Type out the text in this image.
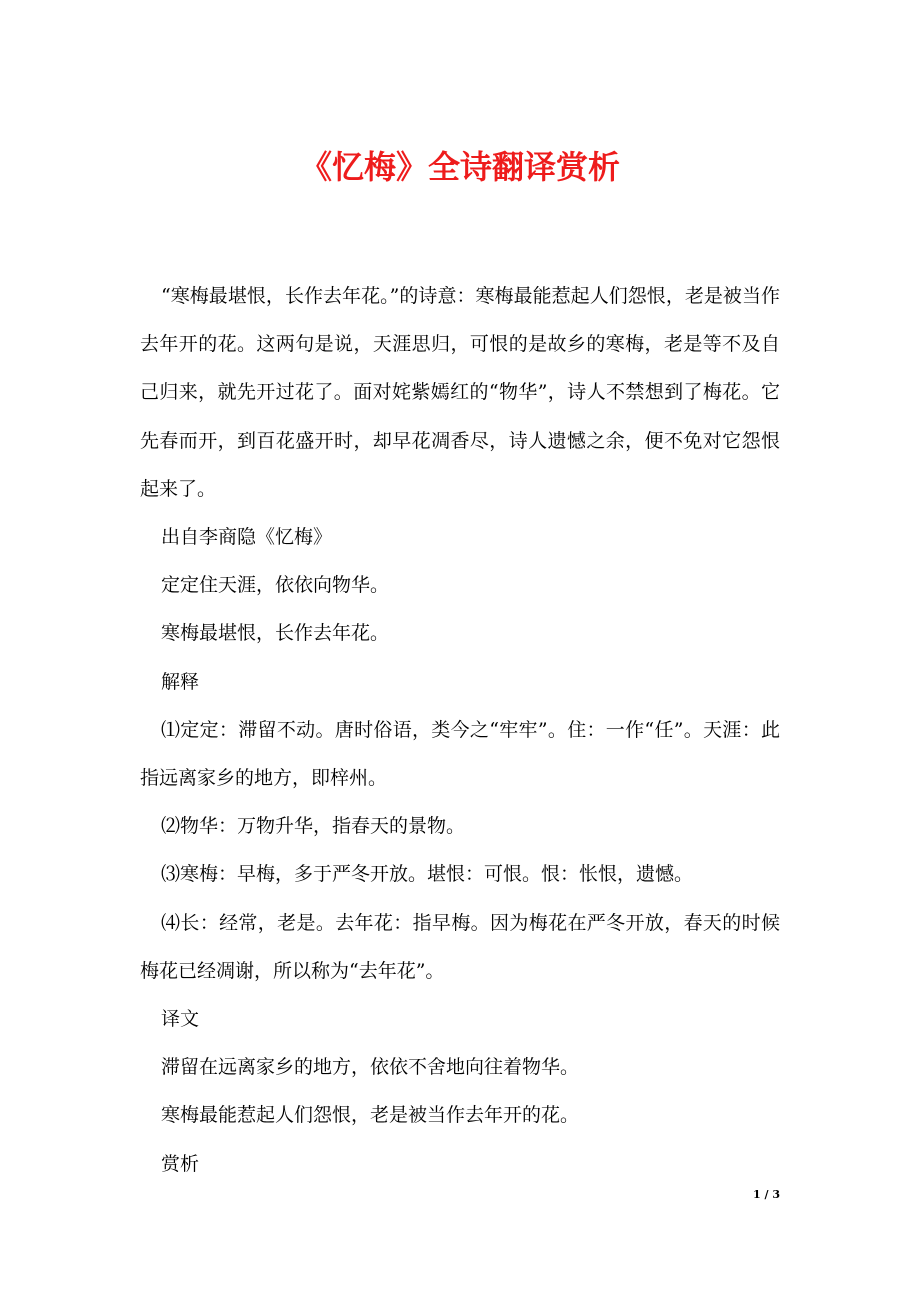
《忆梅》全诗翻译赏析

“寒梅最堪恨，长作去年花。”的诗意：寒梅最能惹起人们怨恨，老是被当作去年开的花。这两句是说，天涯思归，可恨的是故乡的寒梅，老是等不及自己归来，就先开过花了。面对姹紫嫣红的“物华”，诗人不禁想到了梅花。它先春而开，到百花盛开时，却早花凋香尽，诗人遗憾之余，便不免对它怨恨起来了。

出自李商隐《忆梅》

定定住天涯，依依向物华。

寒梅最堪恨，长作去年花。

解释

⑴定定：滞留不动。唐时俗语，类今之“牢牢”。住：一作“任”。天涯：此指远离家乡的地方，即梓州。

⑵物华：万物升华，指春天的景物。

⑶寒梅：早梅，多于严冬开放。堪恨：可恨。恨：怅恨，遗憾。

⑷长：经常，老是。去年花：指早梅。因为梅花在严冬开放，春天的时候梅花已经凋谢，所以称为“去年花”。

译文

滞留在远离家乡的地方，依依不舍地向往着物华。

寒梅最能惹起人们怨恨，老是被当作去年开的花。

赏析

1 / 3
